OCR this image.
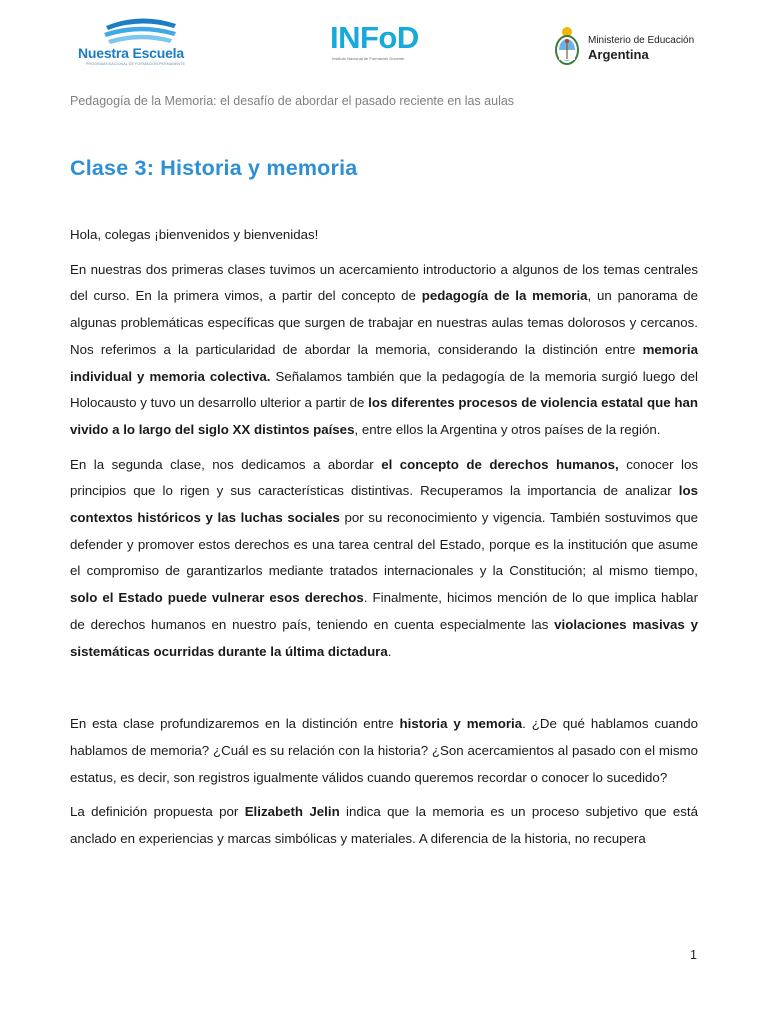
Nuestra Escuela
PROGRAMA NACIONAL DE FORMACIÓN PERMANENTE
INFoD
Instituto Nacional de Formación Docente
Ministerio de Educación
Argentina
Pedagogía de la Memoria: el desafío de abordar el pasado reciente en las aulas
Clase 3: Historia y memoria

Hola, colegas ¡bienvenidos y bienvenidas!

En nuestras dos primeras clases tuvimos un acercamiento introductorio a algunos de los temas centrales del curso. En la primera vimos, a partir del concepto de pedagogía de la memoria, un panorama de algunas problemáticas específicas que surgen de trabajar en nuestras aulas temas dolorosos y cercanos. Nos referimos a la particularidad de abordar la memoria, considerando la distinción entre memoria individual y memoria colectiva. Señalamos también que la pedagogía de la memoria surgió luego del Holocausto y tuvo un desarrollo ulterior a partir de los diferentes procesos de violencia estatal que han vivido a lo largo del siglo XX distintos países, entre ellos la Argentina y otros países de la región.

En la segunda clase, nos dedicamos a abordar el concepto de derechos humanos, conocer los principios que lo rigen y sus características distintivas. Recuperamos la importancia de analizar los contextos históricos y las luchas sociales por su reconocimiento y vigencia. También sostuvimos que defender y promover estos derechos es una tarea central del Estado, porque es la institución que asume el compromiso de garantizarlos mediante tratados internacionales y la Constitución; al mismo tiempo, solo el Estado puede vulnerar esos derechos. Finalmente, hicimos mención de lo que implica hablar de derechos humanos en nuestro país, teniendo en cuenta especialmente las violaciones masivas y sistemáticas ocurridas durante la última dictadura.

En esta clase profundizaremos en la distinción entre historia y memoria. ¿De qué hablamos cuando hablamos de memoria? ¿Cuál es su relación con la historia? ¿Son acercamientos al pasado con el mismo estatus, es decir, son registros igualmente válidos cuando queremos recordar o conocer lo sucedido?

La definición propuesta por Elizabeth Jelin indica que la memoria es un proceso subjetivo que está anclado en experiencias y marcas simbólicas y materiales. A diferencia de la historia, no recupera

1
